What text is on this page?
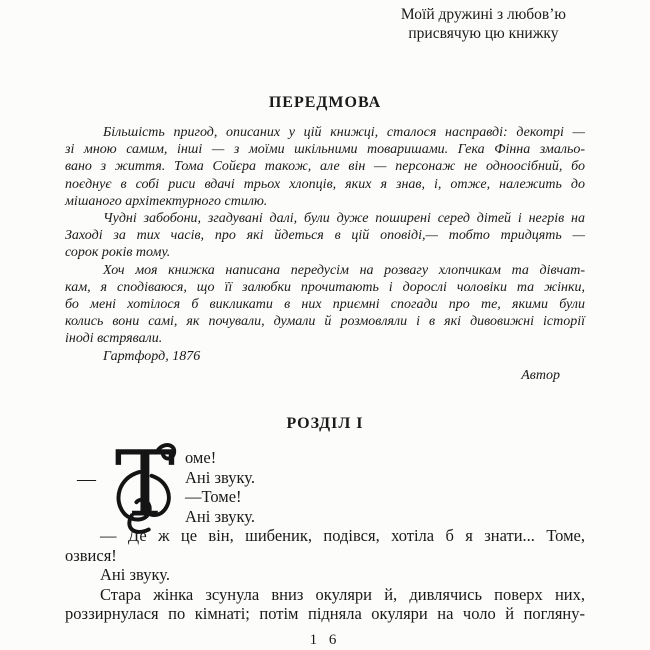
Моїй дружині з любов’ю
присвячую цю книжку
ПЕРЕДМОВА
Більшість пригод, описаних у цій книжці, сталося насправді: декотрі —
зі мною самим, інші — з моїми шкільними товаришами. Гека Фінна змальо-
вано з життя. Тома Сойєра також, але він — персонаж не одноосібний, бо
поєднує в собі риси вдачі трьох хлопців, яких я знав, і, отже, належить до
мішаного архітектурного стилю.
Чудні забобони, згадувані далі, були дуже поширені серед дітей і негрів на
Заході за тих часів, про які йдеться в цій оповіді,— тобто тридцять —
сорок років тому.
Хоч моя книжка написана передусім на розвагу хлопчикам та дівчат-
кам, я сподіваюся, що її залюбки прочитають і дорослі чоловіки та жінки,
бо мені хотілося б викликати в них приємні спогади про те, якими були
колись вони самі, як почували, думали й розмовляли і в які дивовижні історії
іноді встрявали.
Гартфорд, 1876
Автор
РОЗДІЛ І
— Т оме!
Ані звуку.
—Томе!
Ані звуку.
— Де ж це він, шибеник, подівся, хотіла б я знати... Томе,
озвися!
Ані звуку.
Стара жінка зсунула вниз окуляри й, дивлячись поверх них,
роззирнулася по кімнаті; потім підняла окуляри на чоло й погляну-
1 6
